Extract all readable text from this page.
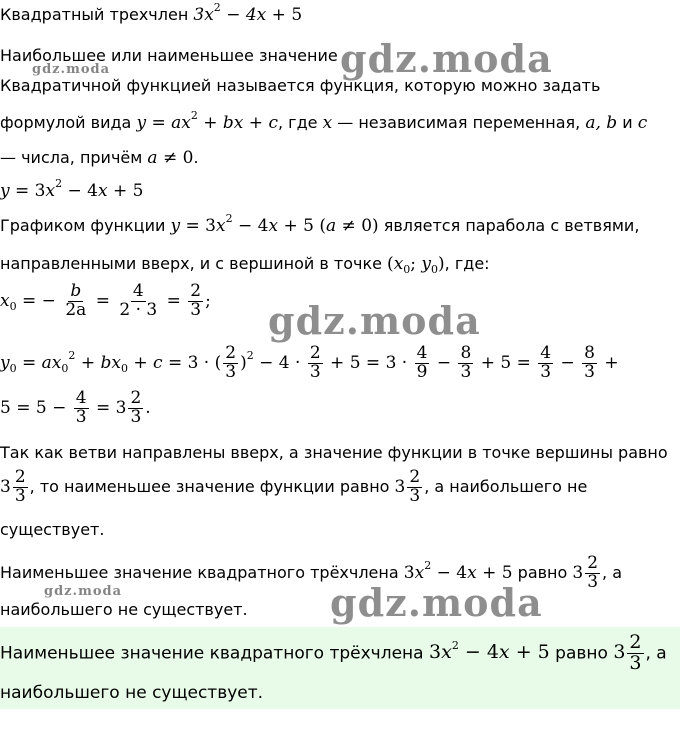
Квадратный трехчлен $3x^2 - 4x + 5$
Наибольшее или наименьшее значение
Квадратичной функцией называется функция, которую можно задать
формулой вида $y = ax^2$ + bx + c, где x — независимая переменная, a, b и c
— числа, причём a ≠ 0.
$y = 3x^2 - 4x + 5$
Графиком функции $y = 3x^2 - 4x + 5$ (a ≠ 0) является парабола с ветвями,
направленными вверх, и с вершиной в точке ($x_0$; $y_0$), где:
$x_0$ = − $\frac{b}{2a} = \frac{4}{2 \cdot 3} = \frac{2}{3}$ ;
$y_0 = ax_0^2 + bx_0 + c = 3$ · ( $\frac{2}{3} )^2 - 4 \cdot \frac{2}{3} + 5 = 3 \cdot \frac{4}{9} - \frac{8}{3} + 5 = \frac{4}{3} - \frac{8}{3}$ +
$5 = 5 - \frac{4}{3} = 3 \frac{2}{3}$ .
Так как ветви направлены вверх, а значение функции в точке вершины равно
$3 \frac{2}{3}$ , то наименьшее значение функции равно $3 \frac{2}{3}$ , а наибольшего не
существует.
Наименьшее значение квадратного трёхчлена $3x^2 - 4x + 5$ равно $3 \frac{2}{3}$ , а
наибольшего не существует.
Наименьшее значение квадратного трёхчлена $3x^2 - 4x + 5$ равно $3 \frac{2}{3}$ , а
наибольшего не существует.
gdz.moda
gdz.moda
gdz.moda
gdz.moda
gdz.moda
